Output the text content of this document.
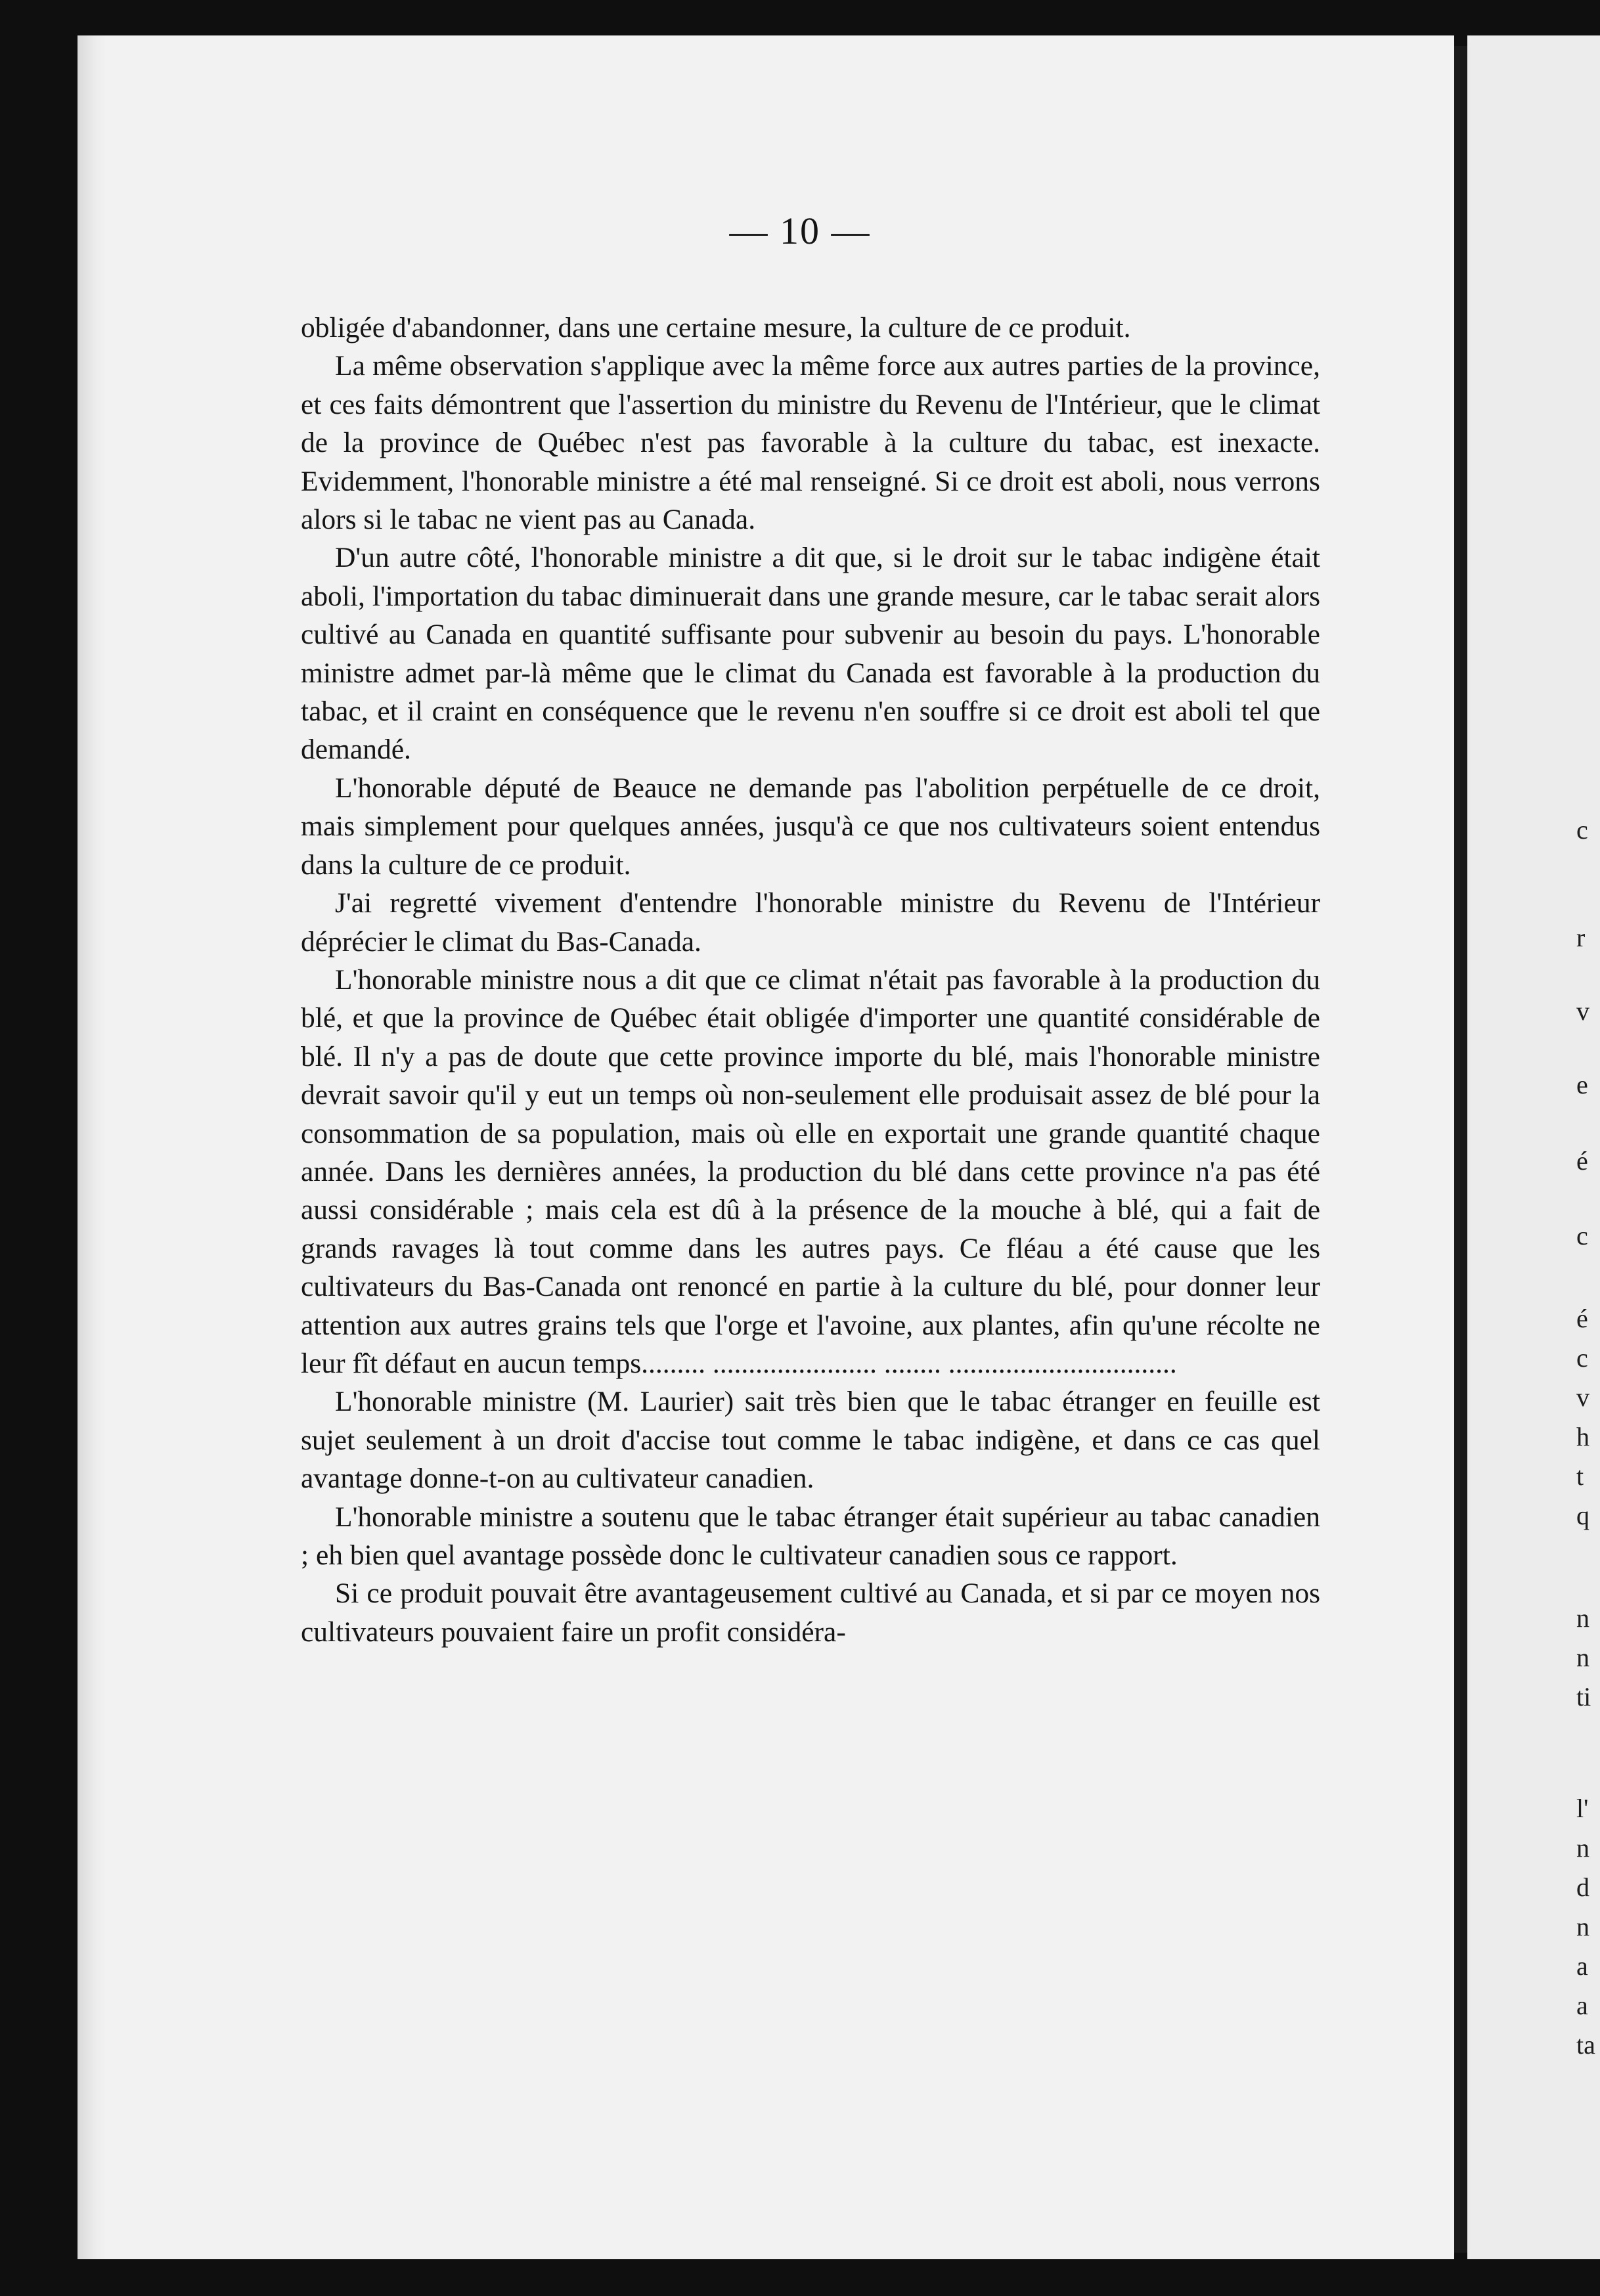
c
r
v
e
é
c
é
c
v
h
t
q
n
n
ti
l'
n
d
n
a
a
ta
— 10 —

obligée d'abandonner, dans une certaine mesure, la culture de ce produit.

La même observation s'applique avec la même force aux autres parties de la province, et ces faits démontrent que l'assertion du ministre du Revenu de l'Intérieur, que le climat de la province de Québec n'est pas favorable à la culture du tabac, est inexacte. Evidemment, l'honorable ministre a été mal renseigné. Si ce droit est aboli, nous verrons alors si le tabac ne vient pas au Canada.

D'un autre côté, l'honorable ministre a dit que, si le droit sur le tabac indigène était aboli, l'importation du tabac diminuerait dans une grande mesure, car le tabac serait alors cultivé au Canada en quantité suffisante pour subvenir au besoin du pays. L'honorable ministre admet par-là même que le climat du Canada est favorable à la production du tabac, et il craint en conséquence que le revenu n'en souffre si ce droit est aboli tel que demandé.

L'honorable député de Beauce ne demande pas l'abolition perpétuelle de ce droit, mais simplement pour quelques années, jusqu'à ce que nos cultivateurs soient entendus dans la culture de ce produit.

J'ai regretté vivement d'entendre l'honorable ministre du Revenu de l'Intérieur déprécier le climat du Bas-Canada.

L'honorable ministre nous a dit que ce climat n'était pas favorable à la production du blé, et que la province de Québec était obligée d'importer une quantité considérable de blé. Il n'y a pas de doute que cette province importe du blé, mais l'honorable ministre devrait savoir qu'il y eut un temps où non-seulement elle produisait assez de blé pour la consommation de sa population, mais où elle en exportait une grande quantité chaque année. Dans les dernières années, la production du blé dans cette province n'a pas été aussi considérable ; mais cela est dû à la présence de la mouche à blé, qui a fait de grands ravages là tout comme dans les autres pays. Ce fléau a été cause que les cultivateurs du Bas-Canada ont renoncé en partie à la culture du blé, pour donner leur attention aux autres grains tels que l'orge et l'avoine, aux plantes, afin qu'une récolte ne leur fît défaut en aucun temps......... ....................... ........ ................................

L'honorable ministre (M. Laurier) sait très bien que le tabac étranger en feuille est sujet seulement à un droit d'accise tout comme le tabac indigène, et dans ce cas quel avantage donne-t-on au cultivateur canadien.

L'honorable ministre a soutenu que le tabac étranger était supérieur au tabac canadien ; eh bien quel avantage possède donc le cultivateur canadien sous ce rapport.

Si ce produit pouvait être avantageusement cultivé au Canada, et si par ce moyen nos cultivateurs pouvaient faire un profit considéra-
